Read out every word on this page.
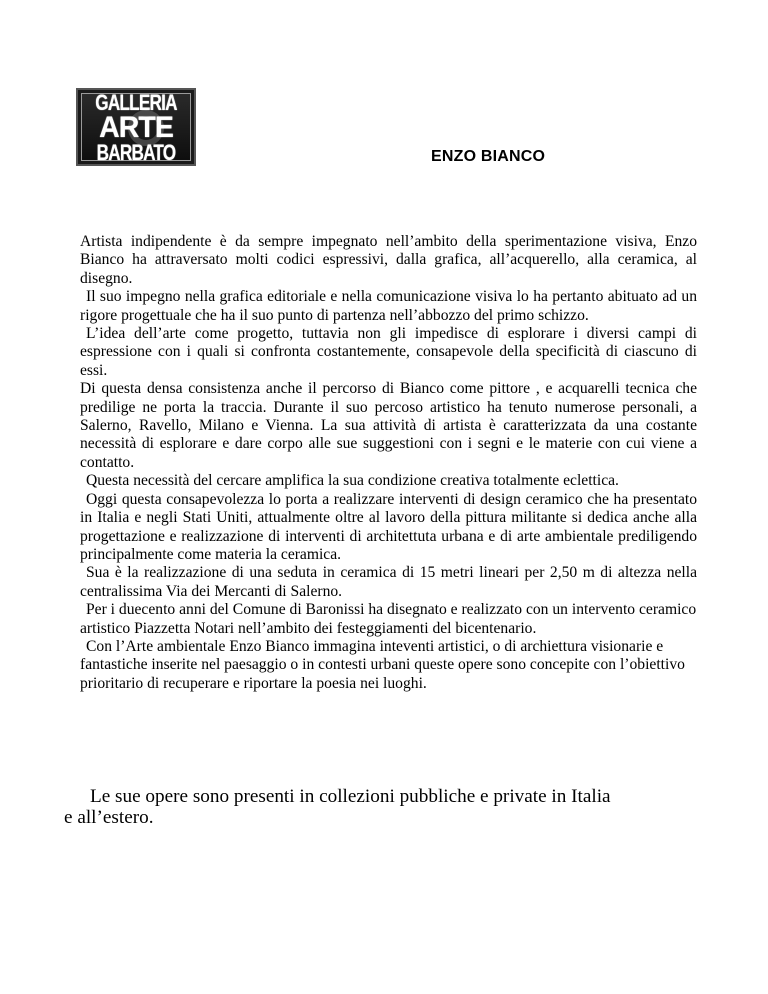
GALLERIA
ARTE
BARBATO	ENZO BIANCO

Artista indipendente è da sempre impegnato nell’ambito della sperimentazione visiva, Enzo Bianco ha attraversato molti codici espressivi, dalla grafica, all’acquerello, alla ceramica, al disegno.

Il suo impegno nella grafica editoriale e nella comunicazione visiva lo ha pertanto abituato ad un rigore progettuale che ha il suo punto di partenza nell’abbozzo del primo schizzo.

L’idea dell’arte come progetto, tuttavia non gli impedisce di esplorare i diversi campi di espressione con i quali si confronta costantemente, consapevole della specificità di ciascuno di essi.

Di questa densa consistenza anche il percorso di Bianco come pittore , e acquarelli tecnica che predilige ne porta la traccia. Durante il suo percoso artistico ha tenuto numerose personali, a Salerno, Ravello, Milano e Vienna. La sua attività di artista è caratterizzata da una costante necessità di esplorare e dare corpo alle sue suggestioni con i segni e le materie con cui viene a contatto.

Questa necessità del cercare amplifica la sua condizione creativa totalmente eclettica.

Oggi questa consapevolezza lo porta a realizzare interventi di design ceramico che ha presentato in Italia e negli Stati Uniti, attualmente oltre al lavoro della pittura militante si dedica anche alla progettazione e realizzazione di interventi di architettuta urbana e di arte ambientale prediligendo principalmente come materia la ceramica.

Sua è la realizzazione di una seduta in ceramica di 15 metri lineari per 2,50 m di altezza nella centralissima Via dei Mercanti di Salerno.

Per i duecento anni del Comune di Baronissi ha disegnato e realizzato con un intervento ceramico artistico Piazzetta Notari nell’ambito dei festeggiamenti del bicentenario.

Con l’Arte ambientale Enzo Bianco immagina inteventi artistici, o di archiettura visionarie e fantastiche inserite nel paesaggio o in contesti urbani queste opere sono concepite con l’obiettivo prioritario di recuperare e riportare la poesia nei luoghi.

Le sue opere sono presenti in collezioni pubbliche e private in Italia
e all’estero.
